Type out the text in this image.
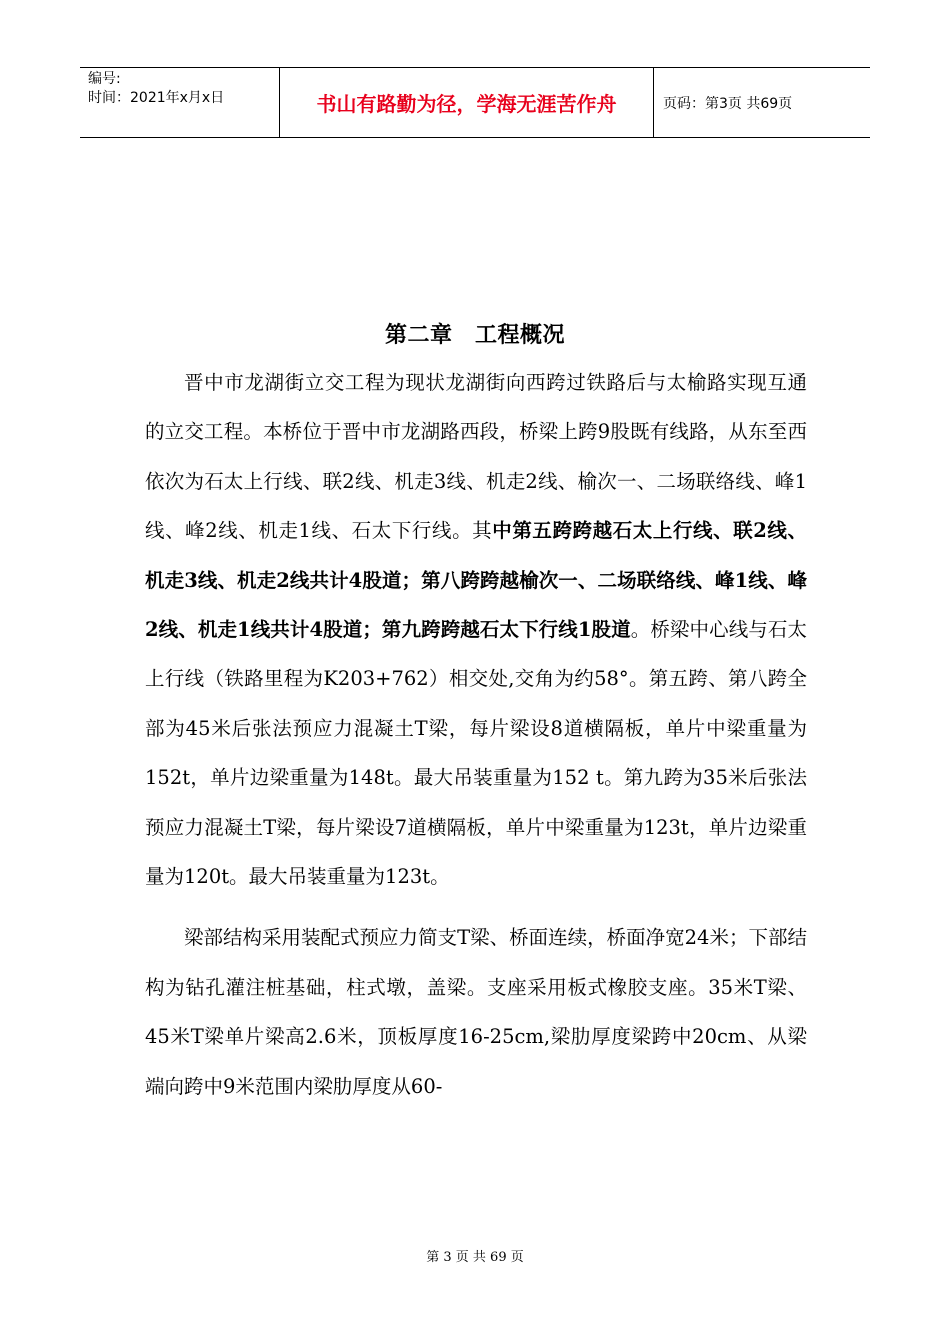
编号:
时间：2021年x月x日	书山有路勤为径，学海无涯苦作舟	页码：第3页 共69页
第二章　工程概况

晋中市龙湖街立交工程为现状龙湖街向西跨过铁路后与太榆路实现互通的立交工程。本桥位于晋中市龙湖路西段，桥梁上跨9股既有线路，从东至西依次为石太上行线、联2线、机走3线、机走2线、榆次一、二场联络线、峰1线、峰2线、机走1线、石太下行线。其中第五跨跨越石太上行线、联2线、机走3线、机走2线共计4股道；第八跨跨越榆次一、二场联络线、峰1线、峰2线、机走1线共计4股道；第九跨跨越石太下行线1股道。桥梁中心线与石太上行线（铁路里程为K203+762）相交处,交角为约58°。第五跨、第八跨全部为45米后张法预应力混凝土T梁，每片梁设8道横隔板，单片中梁重量为152t，单片边梁重量为148t。最大吊装重量为152 t。第九跨为35米后张法预应力混凝土T梁，每片梁设7道横隔板，单片中梁重量为123t，单片边梁重量为120t。最大吊装重量为123t。

梁部结构采用装配式预应力简支T梁、桥面连续，桥面净宽24米；下部结构为钻孔灌注桩基础，柱式墩，盖梁。支座采用板式橡胶支座。35米T梁、45米T梁单片梁高2.6米，顶板厚度16-25cm,梁肋厚度梁跨中20cm、从梁端向跨中9米范围内梁肋厚度从60-

第 3 页 共 69 页
